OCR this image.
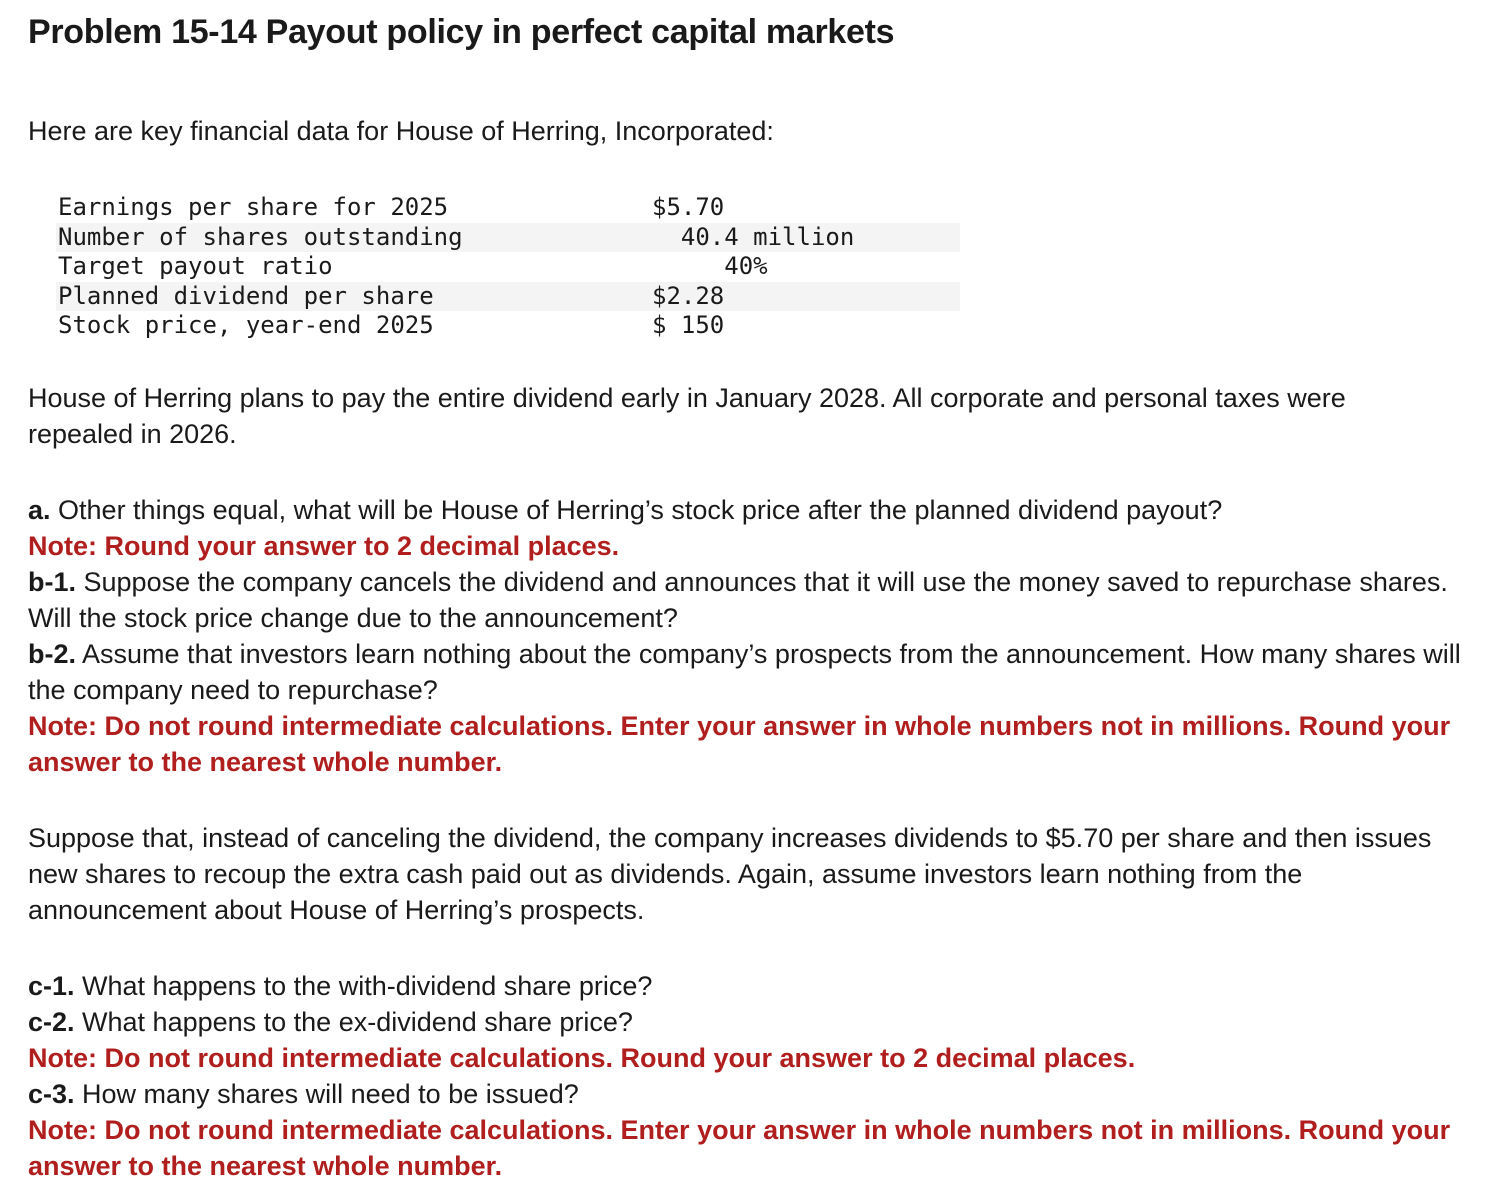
Problem 15-14 Payout policy in perfect capital markets

Here are key financial data for House of Herring, Incorporated:

Earnings per share for 2025	$5.70
Number of shares outstanding	40.4 million
Target payout ratio	40%
Planned dividend per share	$2.28
Stock price, year-end 2025	$ 150

House of Herring plans to pay the entire dividend early in January 2028. All corporate and personal taxes were repealed in 2026.

a. Other things equal, what will be House of Herring’s stock price after the planned dividend payout?

Note: Round your answer to 2 decimal places.

b-1. Suppose the company cancels the dividend and announces that it will use the money saved to repurchase shares. Will the stock price change due to the announcement?

b-2. Assume that investors learn nothing about the company’s prospects from the announcement. How many shares will the company need to repurchase?

Note: Do not round intermediate calculations. Enter your answer in whole numbers not in millions. Round your answer to the nearest whole number.

Suppose that, instead of canceling the dividend, the company increases dividends to $5.70 per share and then issues new shares to recoup the extra cash paid out as dividends. Again, assume investors learn nothing from the announcement about House of Herring’s prospects.

c-1. What happens to the with-dividend share price?

c-2. What happens to the ex-dividend share price?

Note: Do not round intermediate calculations. Round your answer to 2 decimal places.

c-3. How many shares will need to be issued?

Note: Do not round intermediate calculations. Enter your answer in whole numbers not in millions. Round your answer to the nearest whole number.
